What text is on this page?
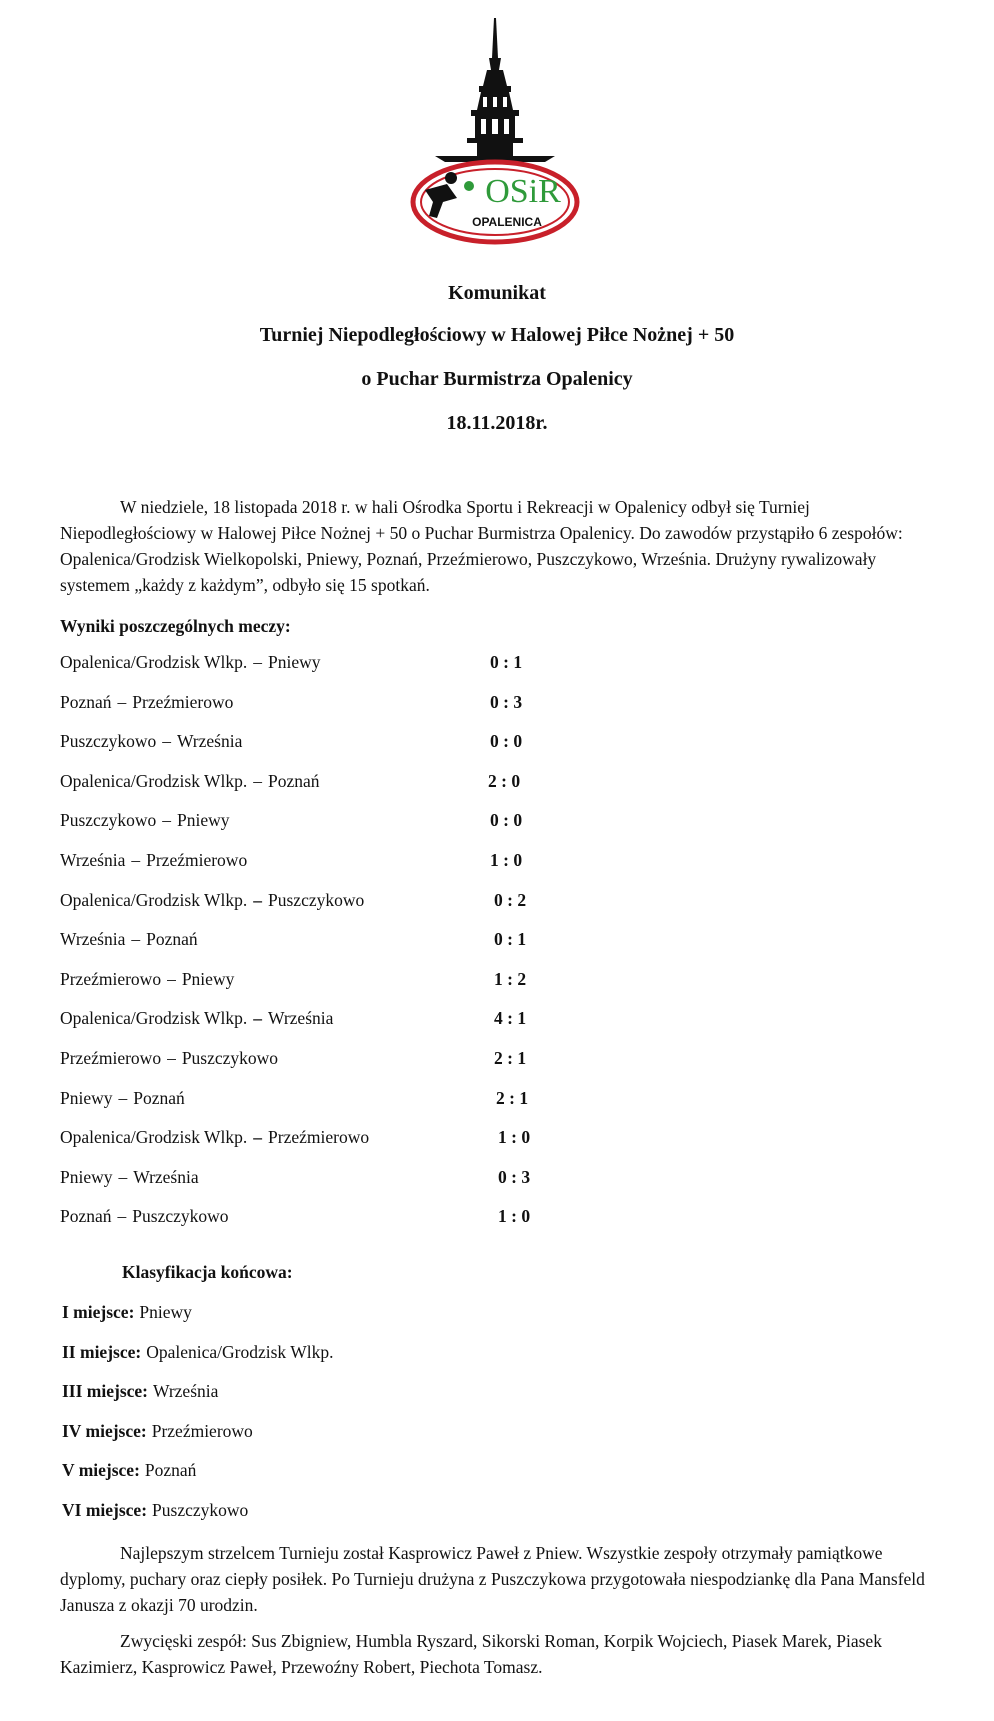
OSiR
OPALENICA
Komunikat
Turniej Niepodległościowy w Halowej Piłce Nożnej + 50
o Puchar Burmistrza Opalenicy
18.11.2018r.
W niedziele, 18 listopada 2018 r. w hali Ośrodka Sportu i Rekreacji w Opalenicy odbył się Turniej Niepodległościowy w Halowej Piłce Nożnej + 50 o Puchar Burmistrza Opalenicy. Do zawodów przystąpiło 6 zespołów: Opalenica/Grodzisk Wielkopolski, Pniewy, Poznań, Przeźmierowo, Puszczykowo, Września. Drużyny rywalizowały systemem „każdy z każdym”, odbyło się 15 spotkań.
Wyniki poszczególnych meczy:
Opalenica/Grodzisk Wlkp. – Pniewy	0 : 1
Poznań – Przeźmierowo	0 : 3
Puszczykowo – Września	0 : 0
Opalenica/Grodzisk Wlkp. – Poznań	2 : 0
Puszczykowo – Pniewy	0 : 0
Września – Przeźmierowo	1 : 0
Opalenica/Grodzisk Wlkp. – Puszczykowo	0 : 2
Września – Poznań	0 : 1
Przeźmierowo – Pniewy	1 : 2
Opalenica/Grodzisk Wlkp. – Września	4 : 1
Przeźmierowo – Puszczykowo	2 : 1
Pniewy – Poznań	2 : 1
Opalenica/Grodzisk Wlkp. – Przeźmierowo	1 : 0
Pniewy – Września	0 : 3
Poznań – Puszczykowo	1 : 0
Klasyfikacja końcowa:
I miejsce: Pniewy
II miejsce: Opalenica/Grodzisk Wlkp.
III miejsce: Września
IV miejsce: Przeźmierowo
V miejsce: Poznań
VI miejsce: Puszczykowo
Najlepszym strzelcem Turnieju został Kasprowicz Paweł z Pniew. Wszystkie zespoły otrzymały pamiątkowe dyplomy, puchary oraz ciepły posiłek. Po Turnieju drużyna z Puszczykowa przygotowała niespodziankę dla Pana Mansfeld Janusza z okazji 70 urodzin.
Zwycięski zespół: Sus Zbigniew, Humbla Ryszard, Sikorski Roman, Korpik Wojciech, Piasek Marek, Piasek Kazimierz, Kasprowicz Paweł, Przewoźny Robert, Piechota Tomasz.
